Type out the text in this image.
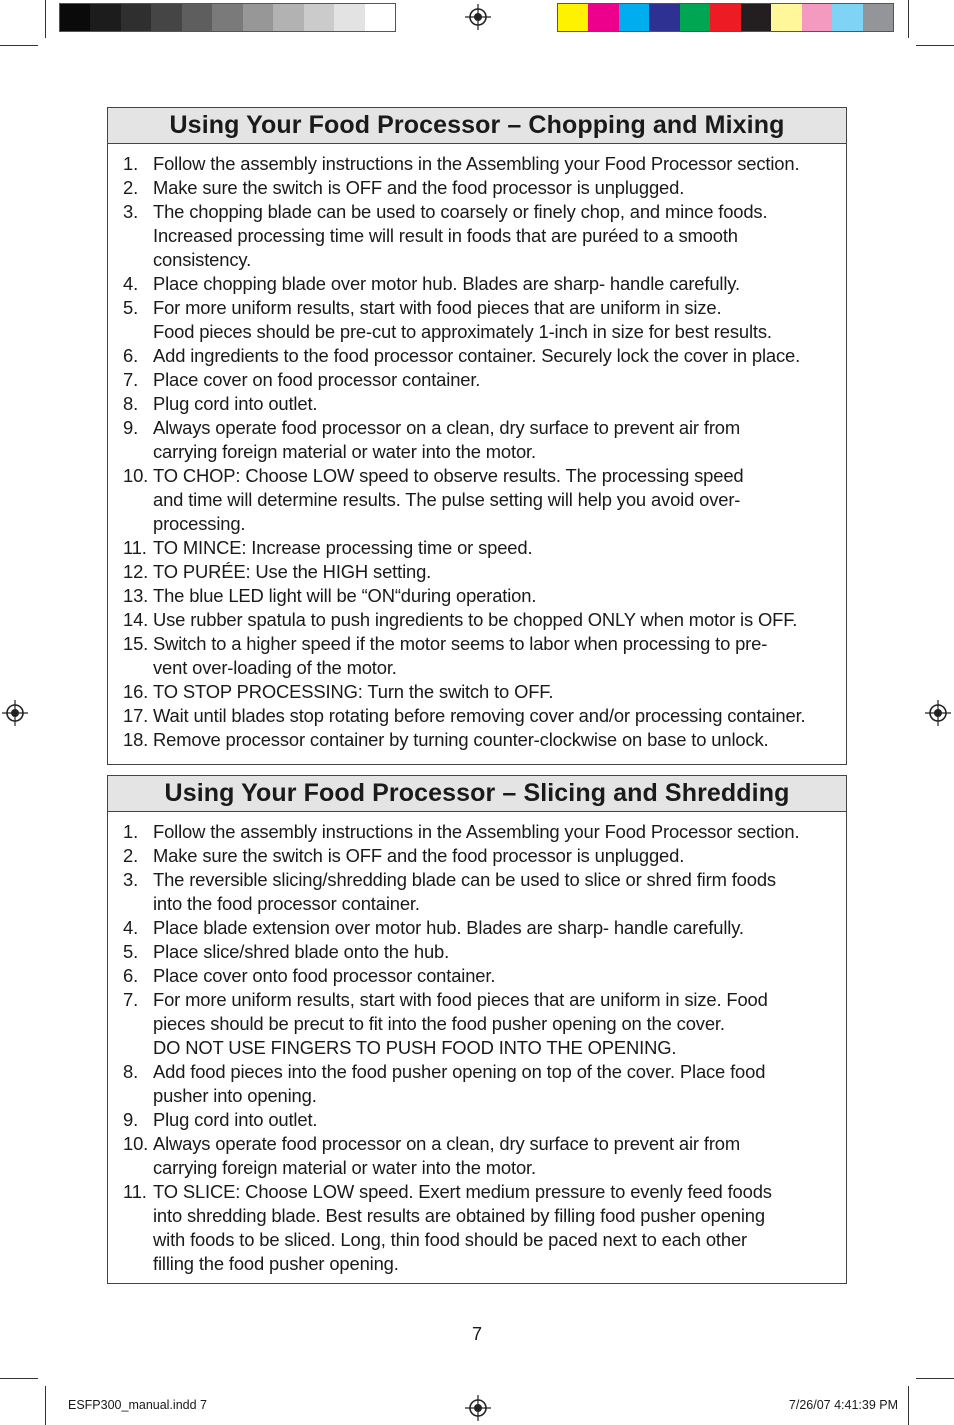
Using Your Food Processor – Chopping and Mixing
1. Follow the assembly instructions in the Assembling your Food Processor section.
2. Make sure the switch is OFF and the food processor is unplugged.
3. The chopping blade can be used to coarsely or finely chop, and mince foods.
Increased processing time will result in foods that are puréed to a smooth
consistency.
4. Place chopping blade over motor hub. Blades are sharp- handle carefully.
5. For more uniform results, start with food pieces that are uniform in size.
Food pieces should be pre-cut to approximately 1-inch in size for best results.
6. Add ingredients to the food processor container. Securely lock the cover in place.
7. Place cover on food processor container.
8. Plug cord into outlet.
9. Always operate food processor on a clean, dry surface to prevent air from
carrying foreign material or water into the motor.
10. TO CHOP: Choose LOW speed to observe results. The processing speed
and time will determine results. The pulse setting will help you avoid over-
processing.
11. TO MINCE: Increase processing time or speed.
12. TO PURÉE: Use the HIGH setting.
13. The blue LED light will be “ON“during operation.
14. Use rubber spatula to push ingredients to be chopped ONLY when motor is OFF.
15. Switch to a higher speed if the motor seems to labor when processing to pre-
vent over-loading of the motor.
16. TO STOP PROCESSING: Turn the switch to OFF.
17. Wait until blades stop rotating before removing cover and/or processing container.
18. Remove processor container by turning counter-clockwise on base to unlock.
Using Your Food Processor – Slicing and Shredding
1. Follow the assembly instructions in the Assembling your Food Processor section.
2. Make sure the switch is OFF and the food processor is unplugged.
3. The reversible slicing/shredding blade can be used to slice or shred firm foods
into the food processor container.
4. Place blade extension over motor hub. Blades are sharp- handle carefully.
5. Place slice/shred blade onto the hub.
6. Place cover onto food processor container.
7. For more uniform results, start with food pieces that are uniform in size. Food
pieces should be precut to fit into the food pusher opening on the cover.
DO NOT USE FINGERS TO PUSH FOOD INTO THE OPENING.
8. Add food pieces into the food pusher opening on top of the cover. Place food
pusher into opening.
9. Plug cord into outlet.
10. Always operate food processor on a clean, dry surface to prevent air from
carrying foreign material or water into the motor.
11. TO SLICE: Choose LOW speed. Exert medium pressure to evenly feed foods
into shredding blade. Best results are obtained by filling food pusher opening
with foods to be sliced. Long, thin food should be paced next to each other
filling the food pusher opening.
7
ESFP300_manual.indd 7	7/26/07 4:41:39 PM
